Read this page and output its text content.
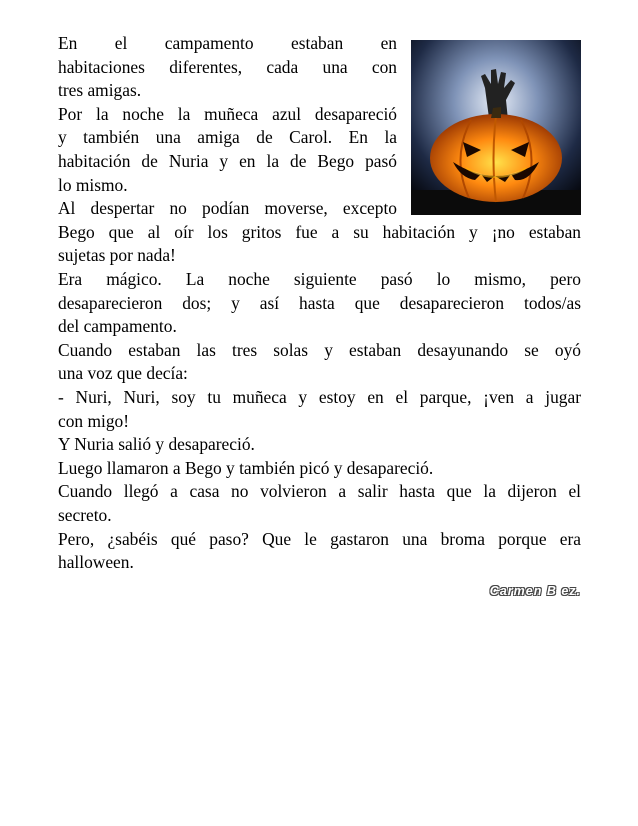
En el campamento estaban en
habitaciones diferentes, cada una con
tres amigas.
Por la noche la muñeca azul desapareció
y también una amiga de Carol. En la
habitación de Nuria y en la de Bego pasó
lo mismo.
Al despertar no podían moverse, excepto
Bego que al oír los gritos fue a su habitación y ¡no estaban
sujetas por nada!
Era mágico. La noche siguiente pasó lo mismo, pero
desaparecieron dos; y así hasta que desaparecieron todos/as
del campamento.
Cuando estaban las tres solas y estaban desayunando se oyó
una voz que decía:
- Nuri, Nuri, soy tu muñeca y estoy en el parque, ¡ven a jugar
con migo!
Y Nuria salió y desapareció.
Luego llamaron a Bego y también picó y desapareció.
Cuando llegó a casa no volvieron a salir hasta que la dijeron el
secreto.
Pero, ¿sabéis qué paso? Que le gastaron una broma porque era
halloween.
Carmen B ez.
